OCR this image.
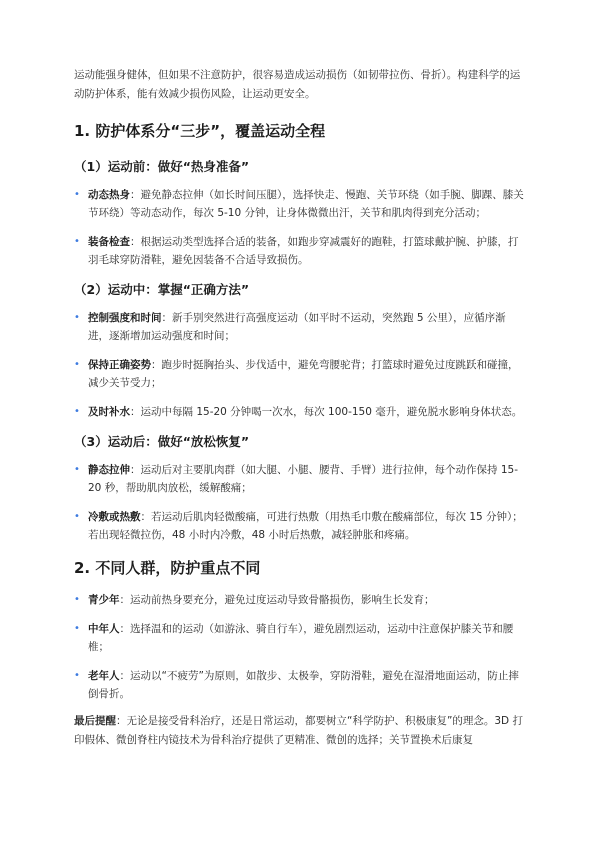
运动能强身健体，但如果不注意防护，很容易造成运动损伤（如韧带拉伤、骨折）。构建科学的运动防护体系，能有效减少损伤风险，让运动更安全。

1. 防护体系分“三步”，覆盖运动全程
（1）运动前：做好“热身准备”
• 动态热身：避免静态拉伸（如长时间压腿），选择快走、慢跑、关节环绕（如手腕、脚踝、膝关节环绕）等动态动作，每次 5-10 分钟，让身体微微出汗，关节和肌肉得到充分活动；
• 装备检查：根据运动类型选择合适的装备，如跑步穿减震好的跑鞋，打篮球戴护腕、护膝，打羽毛球穿防滑鞋，避免因装备不合适导致损伤。
（2）运动中：掌握“正确方法”
• 控制强度和时间：新手别突然进行高强度运动（如平时不运动，突然跑 5 公里），应循序渐进，逐渐增加运动强度和时间；
• 保持正确姿势：跑步时挺胸抬头、步伐适中，避免弯腰驼背；打篮球时避免过度跳跃和碰撞，减少关节受力；
• 及时补水：运动中每隔 15-20 分钟喝一次水，每次 100-150 毫升，避免脱水影响身体状态。
（3）运动后：做好“放松恢复”
• 静态拉伸：运动后对主要肌肉群（如大腿、小腿、腰背、手臂）进行拉伸，每个动作保持 15-20 秒，帮助肌肉放松，缓解酸痛；
• 冷敷或热敷：若运动后肌肉轻微酸痛，可进行热敷（用热毛巾敷在酸痛部位，每次 15 分钟）；若出现轻微拉伤，48 小时内冷敷，48 小时后热敷，减轻肿胀和疼痛。
2. 不同人群，防护重点不同
• 青少年：运动前热身要充分，避免过度运动导致骨骼损伤，影响生长发育；
• 中年人：选择温和的运动（如游泳、骑自行车），避免剧烈运动，运动中注意保护膝关节和腰椎；
• 老年人：运动以“不疲劳”为原则，如散步、太极拳，穿防滑鞋，避免在湿滑地面运动，防止摔倒骨折。

最后提醒：无论是接受骨科治疗，还是日常运动，都要树立“科学防护、积极康复”的理念。3D 打印假体、微创脊柱内镜技术为骨科治疗提供了更精准、微创的选择；关节置换术后康复
